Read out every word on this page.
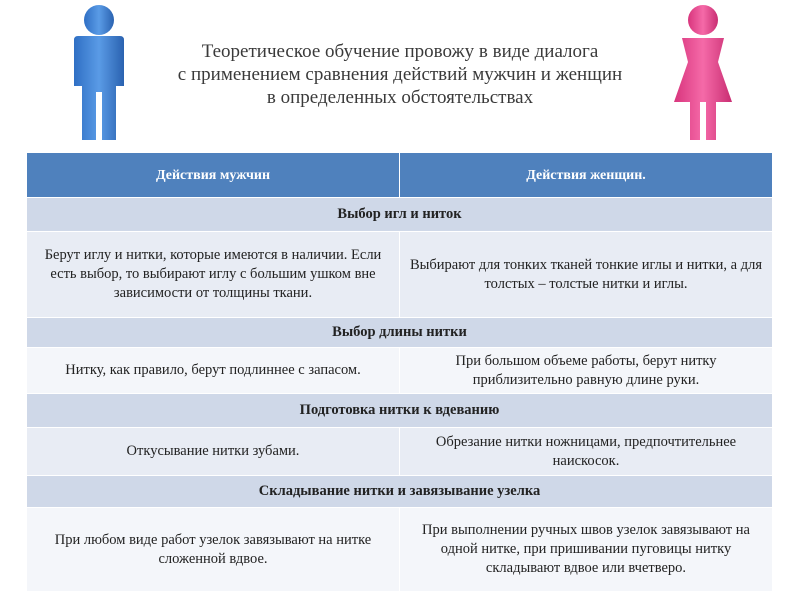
Теоретическое обучение провожу в виде диалога
с применением сравнения действий мужчин и женщин
в определенных обстоятельствах
Действия мужчин	Действия женщин.
Выбор игл и ниток	
Берут иглу и нитки, которые имеются в наличии. Если есть выбор, то выбирают иглу с большим ушком вне зависимости от толщины ткани.	Выбирают для тонких тканей тонкие иглы и нитки, а для толстых – толстые нитки и иглы.
Выбор длины нитки	
Нитку, как правило, берут подлиннее с запасом.	При большом объеме работы, берут нитку приблизительно равную длине руки.
Подготовка нитки к вдеванию	
Откусывание нитки зубами.	Обрезание нитки ножницами, предпочтительнее наискосок.
Складывание нитки и завязывание узелка	
При любом виде работ узелок завязывают на нитке сложенной вдвое.	При выполнении ручных швов узелок завязывают на одной нитке, при пришивании пуговицы нитку складывают вдвое или вчетверо.
